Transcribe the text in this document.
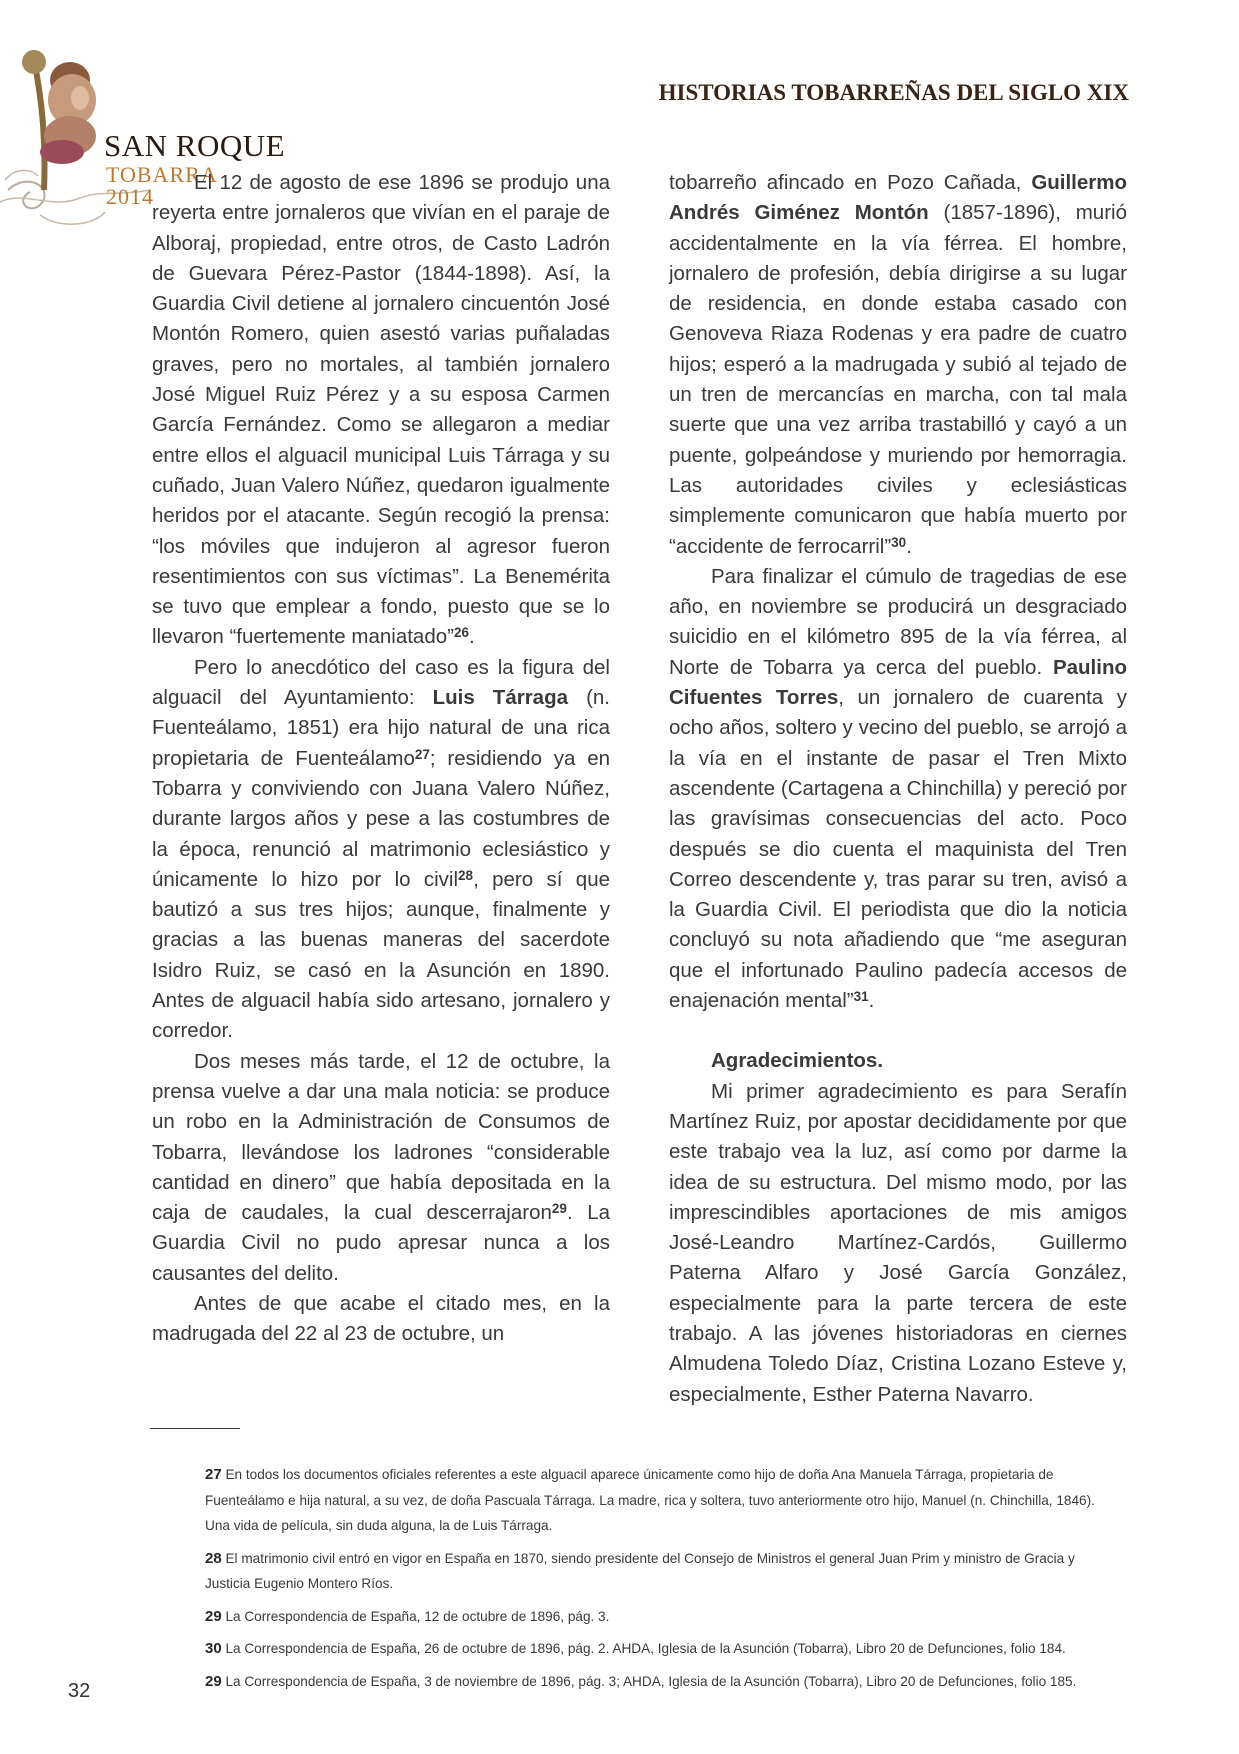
SAN ROQUE
TOBARRA
2014
HISTORIAS TOBARREÑAS DEL SIGLO XIX

El 12 de agosto de ese 1896 se produjo una reyerta entre jornaleros que vivían en el paraje de Alboraj, propiedad, entre otros, de Casto Ladrón de Guevara Pérez-Pastor (1844-1898). Así, la Guardia Civil detiene al jornalero cincuentón José Montón Romero, quien asestó varias puñaladas graves, pero no mortales, al también jornalero José Miguel Ruiz Pérez y a su esposa Carmen García Fernández. Como se allegaron a mediar entre ellos el alguacil municipal Luis Tárraga y su cuñado, Juan Valero Núñez, quedaron igualmente heridos por el atacante. Según recogió la prensa: “los móviles que indujeron al agresor fueron resentimientos con sus víctimas”. La Benemérita se tuvo que emplear a fondo, puesto que se lo llevaron “fuertemente maniatado”$^{26}$.

Pero lo anecdótico del caso es la figura del alguacil del Ayuntamiento: Luis Tárraga (n. Fuenteálamo, 1851) era hijo natural de una rica propietaria de Fuenteálamo$^{27}$; residiendo ya en Tobarra y conviviendo con Juana Valero Núñez, durante largos años y pese a las costumbres de la época, renunció al matrimonio eclesiástico y únicamente lo hizo por lo civil$^{28}$, pero sí que bautizó a sus tres hijos; aunque, finalmente y gracias a las buenas maneras del sacerdote Isidro Ruiz, se casó en la Asunción en 1890. Antes de alguacil había sido artesano, jornalero y corredor.

Dos meses más tarde, el 12 de octubre, la prensa vuelve a dar una mala noticia: se produce un robo en la Administración de Consumos de Tobarra, llevándose los ladrones “considerable cantidad en dinero” que había depositada en la caja de caudales, la cual descerrajaron$^{29}$. La Guardia Civil no pudo apresar nunca a los causantes del delito.

Antes de que acabe el citado mes, en la madrugada del 22 al 23 de octubre, un

tobarreño afincado en Pozo Cañada, Guillermo Andrés Giménez Montón (1857-1896), murió accidentalmente en la vía férrea. El hombre, jornalero de profesión, debía dirigirse a su lugar de residencia, en donde estaba casado con Genoveva Riaza Rodenas y era padre de cuatro hijos; esperó a la madrugada y subió al tejado de un tren de mercancías en marcha, con tal mala suerte que una vez arriba trastabilló y cayó a un puente, golpeándose y muriendo por hemorragia. Las autoridades civiles y eclesiásticas simplemente comunicaron que había muerto por “accidente de ferrocarril”$^{30}$.

Para finalizar el cúmulo de tragedias de ese año, en noviembre se producirá un desgraciado suicidio en el kilómetro 895 de la vía férrea, al Norte de Tobarra ya cerca del pueblo. Paulino Cifuentes Torres, un jornalero de cuarenta y ocho años, soltero y vecino del pueblo, se arrojó a la vía en el instante de pasar el Tren Mixto ascendente (Cartagena a Chinchilla) y pereció por las gravísimas consecuencias del acto. Poco después se dio cuenta el maquinista del Tren Correo descendente y, tras parar su tren, avisó a la Guardia Civil. El periodista que dio la noticia concluyó su nota añadiendo que “me aseguran que el infortunado Paulino padecía accesos de enajenación mental”$^{31}$.

Agradecimientos.

Mi primer agradecimiento es para Serafín Martínez Ruiz, por apostar decididamente por que este trabajo vea la luz, así como por darme la idea de su estructura. Del mismo modo, por las imprescindibles aportaciones de mis amigos José-Leandro Martínez-Cardós, Guillermo Paterna Alfaro y José García González, especialmente para la parte tercera de este trabajo. A las jóvenes historiadoras en ciernes Almudena Toledo Díaz, Cristina Lozano Esteve y, especialmente, Esther Paterna Navarro.

27 En todos los documentos oficiales referentes a este alguacil aparece únicamente como hijo de doña Ana Manuela Tárraga, propietaria de Fuenteálamo e hija natural, a su vez, de doña Pascuala Tárraga. La madre, rica y soltera, tuvo anteriormente otro hijo, Manuel (n. Chinchilla, 1846). Una vida de película, sin duda alguna, la de Luis Tárraga.

28 El matrimonio civil entró en vigor en España en 1870, siendo presidente del Consejo de Ministros el general Juan Prim y ministro de Gracia y Justicia Eugenio Montero Ríos.

29 La Correspondencia de España, 12 de octubre de 1896, pág. 3.

30 La Correspondencia de España, 26 de octubre de 1896, pág. 2. AHDA, Iglesia de la Asunción (Tobarra), Libro 20 de Defunciones, folio 184.

29 La Correspondencia de España, 3 de noviembre de 1896, pág. 3; AHDA, Iglesia de la Asunción (Tobarra), Libro 20 de Defunciones, folio 185.

32
